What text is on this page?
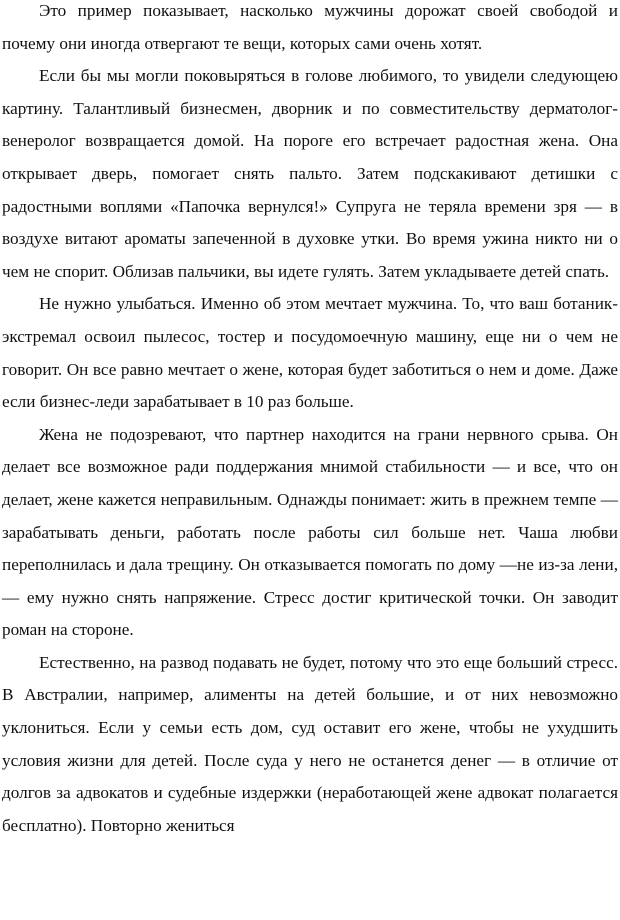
Это пример показывает, насколько мужчины дорожат своей свободой и почему они иногда отвергают те вещи, которых сами очень хотят.

Если бы мы могли поковыряться в голове любимого, то увидели следующею картину. Талантливый бизнесмен, дворник и по совместительству дерматолог-венеролог возвращается домой. На пороге его встречает радостная жена. Она открывает дверь, помогает снять пальто. Затем подскакивают детишки с радостными воплями «Папочка вернулся!» Супруга не теряла времени зря — в воздухе витают ароматы запеченной в духовке утки. Во время ужина никто ни о чем не спорит. Облизав пальчики, вы идете гулять. Затем укладываете детей спать.

Не нужно улыбаться. Именно об этом мечтает мужчина. То, что ваш ботаник-экстремал освоил пылесос, тостер и посудомоечную машину, еще ни о чем не говорит. Он все равно мечтает о жене, которая будет заботиться о нем и доме. Даже если бизнес-леди зарабатывает в 10 раз больше.

Жена не подозревают, что партнер находится на грани нервного срыва. Он делает все возможное ради поддержания мнимой стабильности — и все, что он делает, жене кажется неправильным. Однажды понимает: жить в прежнем темпе — зарабатывать деньги, работать после работы сил больше нет. Чаша любви переполнилась и дала трещину. Он отказывается помогать по дому —не из-за лени, — ему нужно снять напряжение. Стресс достиг критической точки. Он заводит роман на стороне.

Естественно, на развод подавать не будет, потому что это еще больший стресс. В Австралии, например, алименты на детей большие, и от них невозможно уклониться. Если у семьи есть дом, суд оставит его жене, чтобы не ухудшить условия жизни для детей. После суда у него не останется денег — в отличие от долгов за адвокатов и судебные издержки (неработающей жене адвокат полагается бесплатно). Повторно жениться
